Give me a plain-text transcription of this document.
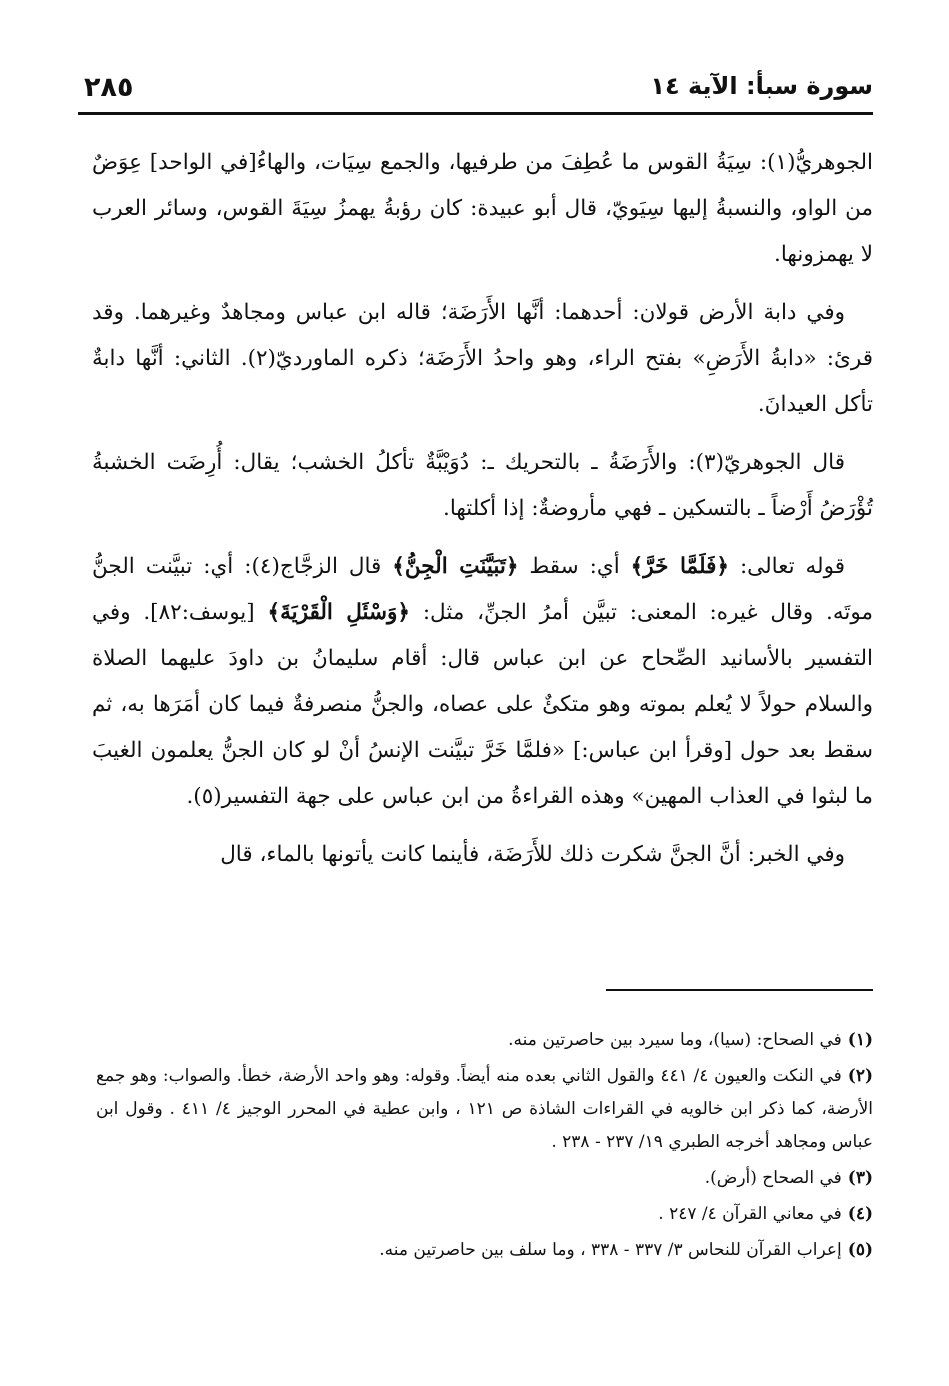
سورة سبأ: الآية ١٤
٢٨٥

الجوهريُّ(١): سِيَةُ القوس ما عُطِفَ من طرفيها، والجمع سِيَات، والهاءُ[في الواحد] عِوَضٌ من الواو، والنسبةُ إليها سِيَويّ، قال أبو عبيدة: كان رؤبةُ يهمزُ سِيَةَ القوس، وسائر العرب لا يهمزونها.

وفي دابة الأرض قولان: أحدهما: أنَّها الأَرَضَة؛ قاله ابن عباس ومجاهدٌ وغيرهما. وقد قرئ: «دابةُ الأَرَضِ» بفتح الراء، وهو واحدُ الأَرَضَة؛ ذكره الماورديّ(٢). الثاني: أنَّها دابةٌ تأكل العيدانَ.

قال الجوهريّ(٣): والأَرَضَةُ ـ بالتحريك ـ: دُوَيْبَّةٌ تأكلُ الخشب؛ يقال: أُرِضَت الخشبةُ تُؤْرَضُ أَرْضاً ـ بالتسكين ـ فهي مأروضةٌ: إذا أكلتها.

قوله تعالى: ﴿فَلَمَّا خَرَّ﴾ أي: سقط ﴿تَبَيَّنَتِ الْجِنُّ﴾ قال الزجَّاج(٤): أي: تبيَّنت الجنُّ موتَه. وقال غيره: المعنى: تبيَّن أمرُ الجنِّ، مثل: ﴿وَسْئَلِ الْقَرْيَةَ﴾ [يوسف:٨٢]. وفي التفسير بالأسانيد الصِّحاح عن ابن عباس قال: أقام سليمانُ بن داودَ عليهما الصلاة والسلام حولاً لا يُعلم بموته وهو متكئٌ على عصاه، والجنُّ منصرفةٌ فيما كان أمَرَها به، ثم سقط بعد حول [وقرأ ابن عباس:] «فلمَّا خَرَّ تبيَّنت الإنسُ أنْ لو كان الجنُّ يعلمون الغيبَ ما لبثوا في العذاب المهين» وهذه القراءةُ من ابن عباس على جهة التفسير(٥).

وفي الخبر: أنَّ الجنَّ شكرت ذلك للأَرَضَة، فأينما كانت يأتونها بالماء، قال

(١)في الصحاح: (سيا)، وما سيرد بين حاصرتين منه.

(٢)في النكت والعيون ٤/ ٤٤١ والقول الثاني بعده منه أيضاً. وقوله: وهو واحد الأرضة، خطأ. والصواب: وهو جمع الأرضة، كما ذكر ابن خالويه في القراءات الشاذة ص ١٢١ ، وابن عطية في المحرر الوجيز ٤/ ٤١١ . وقول ابن عباس ومجاهد أخرجه الطبري ١٩/ ٢٣٧ - ٢٣٨ .

(٣)في الصحاح (أرض).

(٤)في معاني القرآن ٤/ ٢٤٧ .

(٥)إعراب القرآن للنحاس ٣/ ٣٣٧ - ٣٣٨ ، وما سلف بين حاصرتين منه.
